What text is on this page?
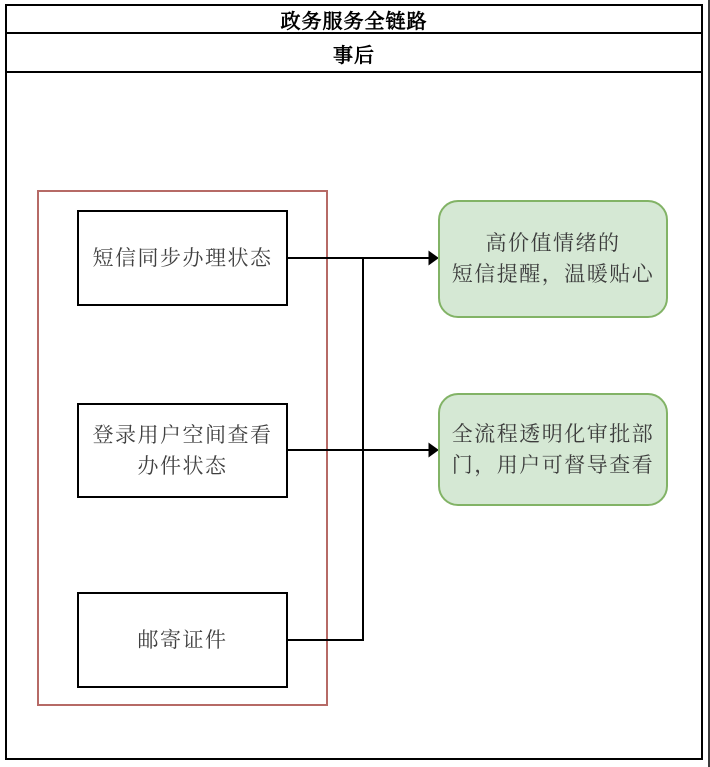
政务服务全链路
事后
短信同步办理状态
登录用户空间查看
办件状态
邮寄证件
高价值情绪的
短信提醒，温暖贴心
全流程透明化审批部
门，用户可督导查看
